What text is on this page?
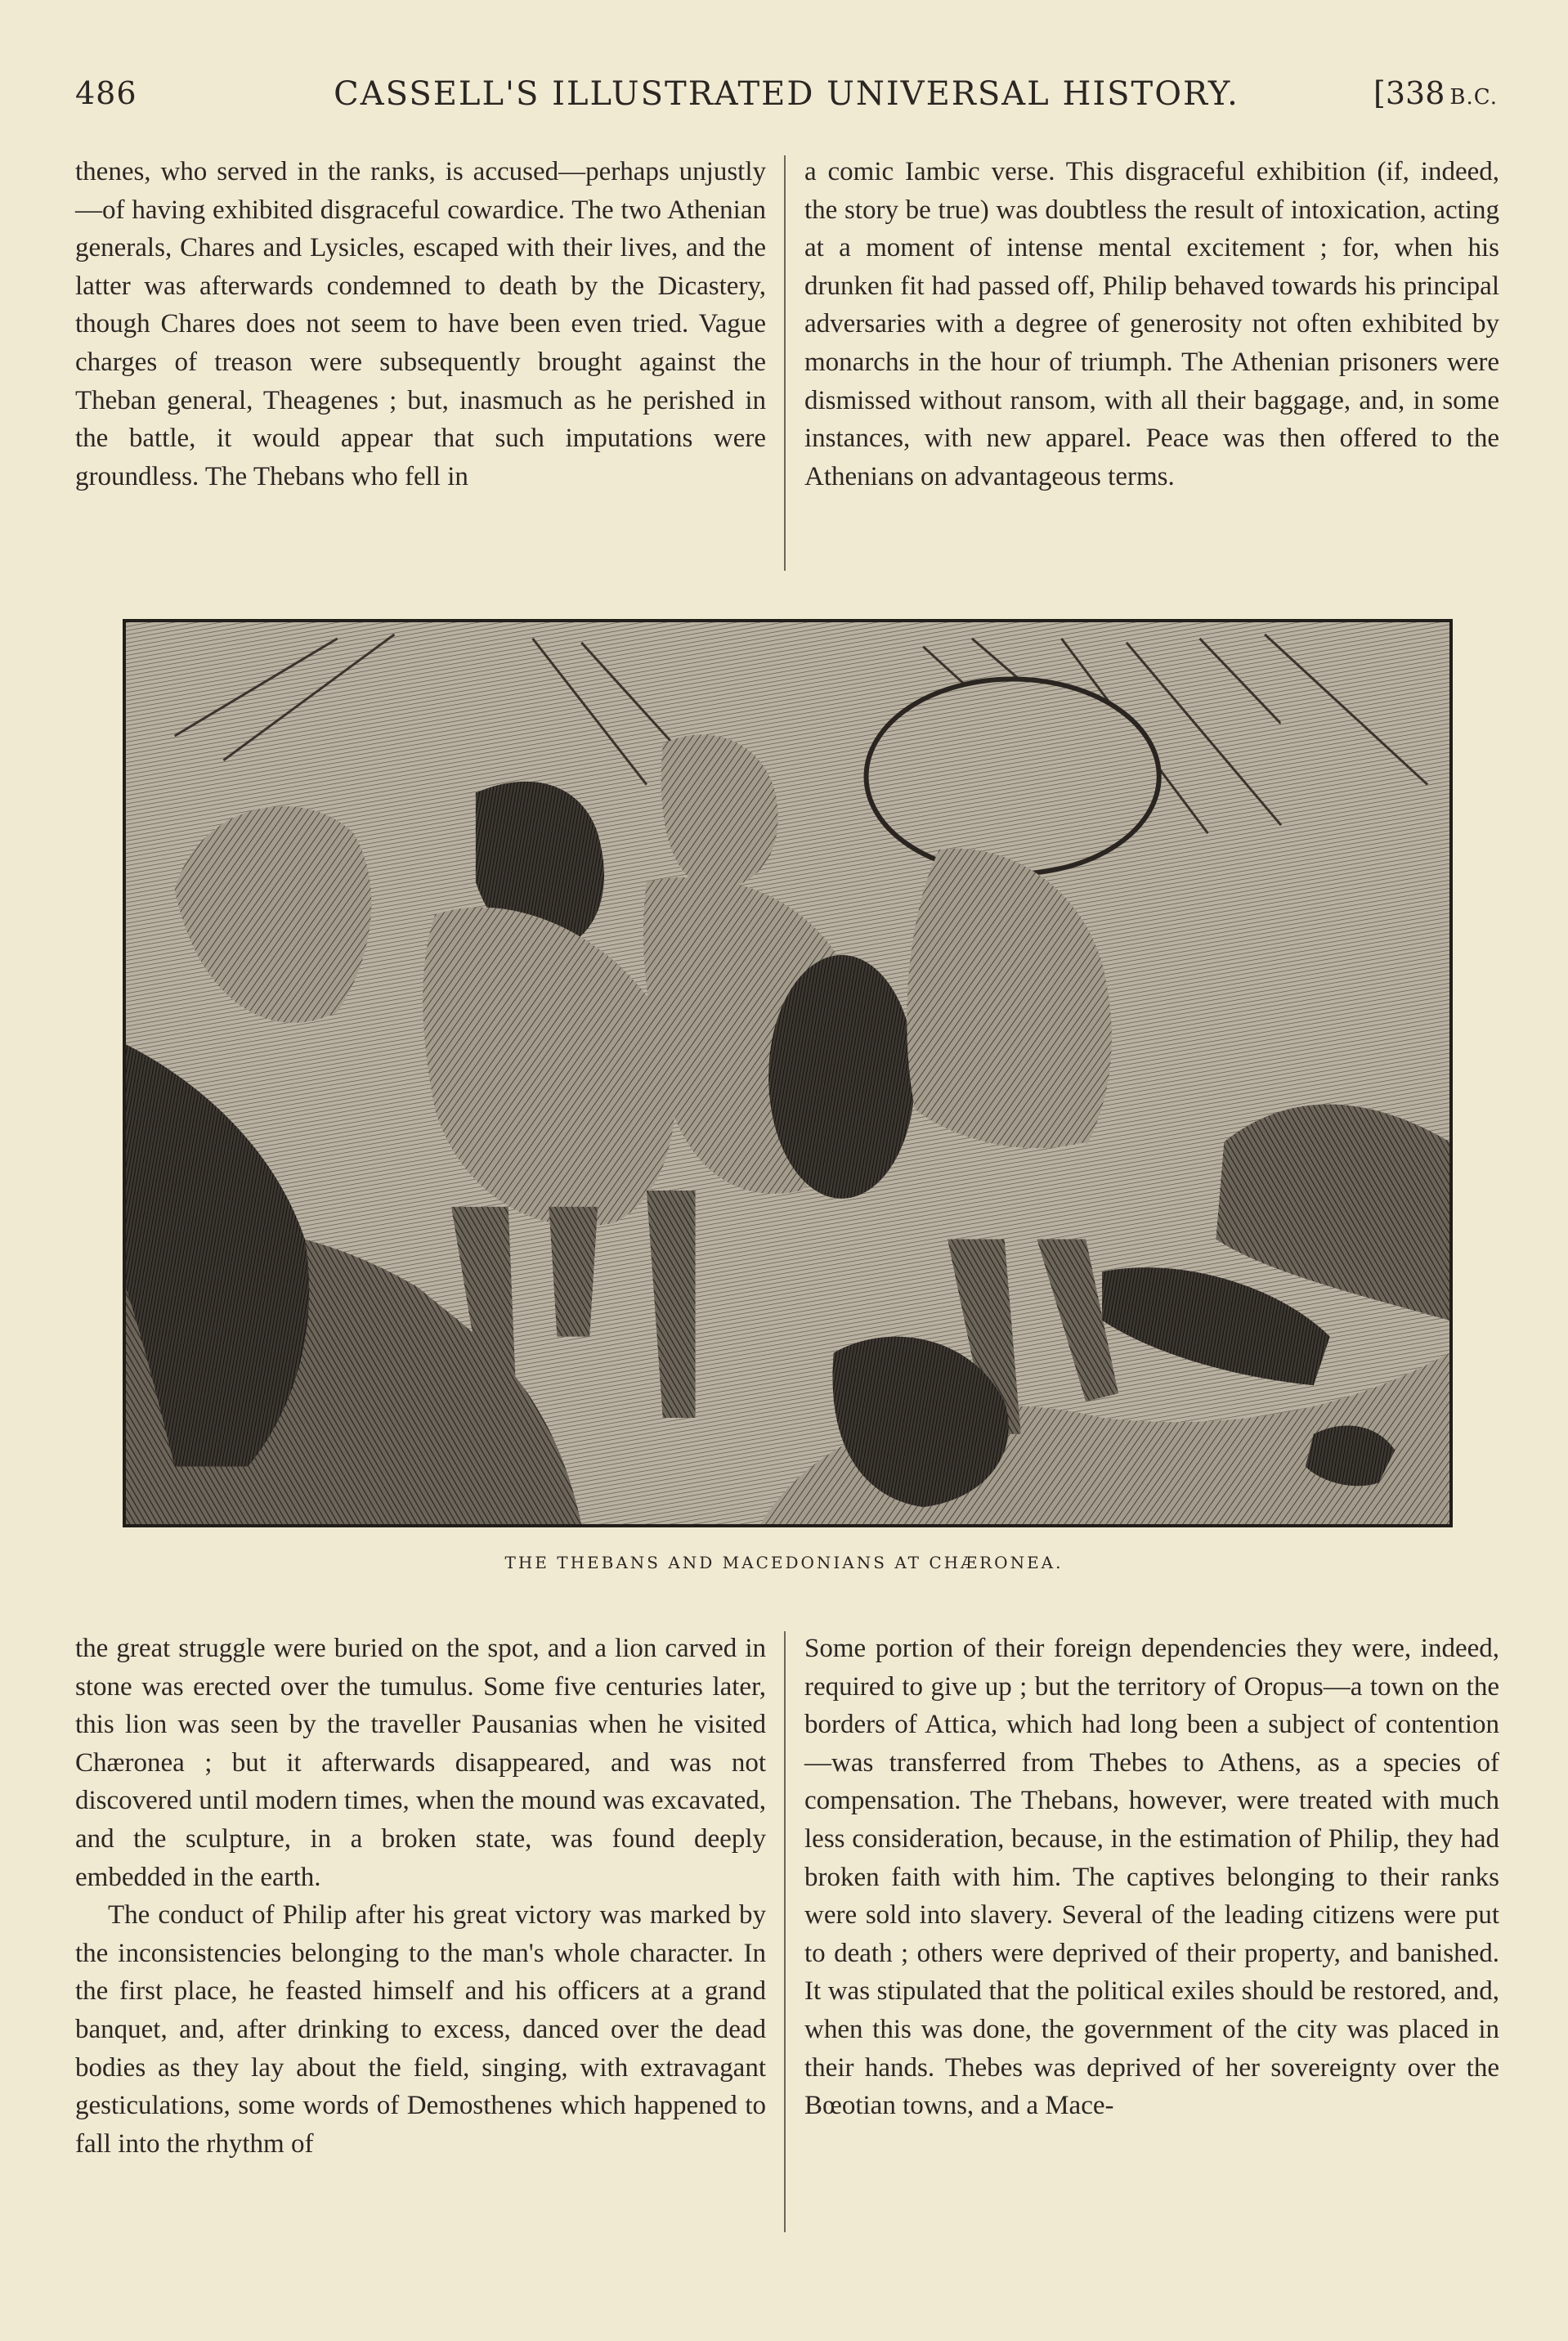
486	CASSELL'S ILLUSTRATED UNIVERSAL HISTORY.	[338 B.C.

thenes, who served in the ranks, is accused—perhaps unjustly—of having exhibited disgraceful cowardice. The two Athenian generals, Chares and Lysicles, escaped with their lives, and the latter was afterwards condemned to death by the Dicastery, though Chares does not seem to have been even tried. Vague charges of treason were subsequently brought against the Theban general, Theagenes ; but, inasmuch as he perished in the battle, it would appear that such imputations were groundless. The Thebans who fell in

a comic Iambic verse. This disgraceful exhibition (if, indeed, the story be true) was doubtless the result of intoxication, acting at a moment of intense mental excitement ; for, when his drunken fit had passed off, Philip behaved towards his principal adversaries with a degree of generosity not often exhibited by monarchs in the hour of triumph. The Athenian prisoners were dismissed without ransom, with all their baggage, and, in some instances, with new apparel. Peace was then offered to the Athenians on advantageous terms.

THE THEBANS AND MACEDONIANS AT CHÆRONEA.

the great struggle were buried on the spot, and a lion carved in stone was erected over the tumulus. Some five centuries later, this lion was seen by the traveller Pausanias when he visited Chæronea ; but it afterwards disappeared, and was not discovered until modern times, when the mound was excavated, and the sculpture, in a broken state, was found deeply embedded in the earth.

The conduct of Philip after his great victory was marked by the inconsistencies belonging to the man's whole character. In the first place, he feasted himself and his officers at a grand banquet, and, after drinking to excess, danced over the dead bodies as they lay about the field, singing, with extravagant gesticulations, some words of Demosthenes which happened to fall into the rhythm of

Some portion of their foreign dependencies they were, indeed, required to give up ; but the territory of Oropus—a town on the borders of Attica, which had long been a subject of contention—was transferred from Thebes to Athens, as a species of compensation. The Thebans, however, were treated with much less consideration, because, in the estimation of Philip, they had broken faith with him. The captives belonging to their ranks were sold into slavery. Several of the leading citizens were put to death ; others were deprived of their property, and banished. It was stipulated that the political exiles should be restored, and, when this was done, the government of the city was placed in their hands. Thebes was deprived of her sovereignty over the Bœotian towns, and a Mace-
